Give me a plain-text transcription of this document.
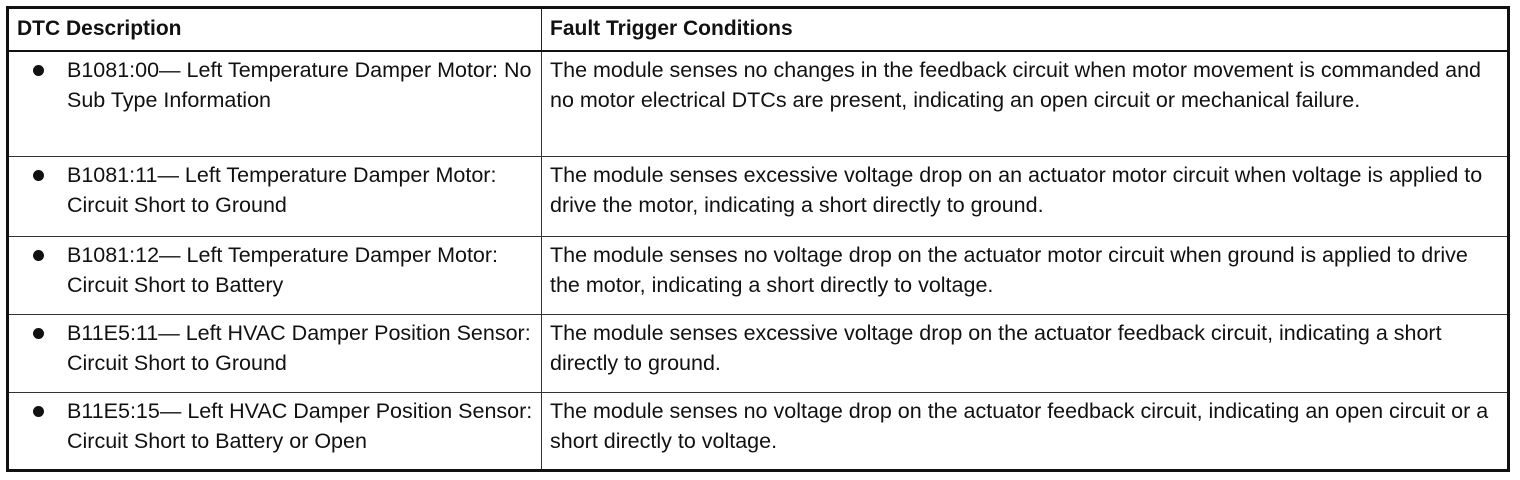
DTC Description	Fault Trigger Conditions

B1081:00— Left Temperature Damper Motor: No Sub Type Information	The module senses no changes in the feedback circuit when motor movement is commanded and no motor electrical DTCs are present, indicating an open circuit or mechanical failure.

B1081:11— Left Temperature Damper Motor: Circuit Short to Ground	The module senses excessive voltage drop on an actuator motor circuit when voltage is applied to drive the motor, indicating a short directly to ground.

B1081:12— Left Temperature Damper Motor: Circuit Short to Battery	The module senses no voltage drop on the actuator motor circuit when ground is applied to drive the motor, indicating a short directly to voltage.

B11E5:11— Left HVAC Damper Position Sensor: Circuit Short to Ground	The module senses excessive voltage drop on the actuator feedback circuit, indicating a short directly to ground.

B11E5:15— Left HVAC Damper Position Sensor: Circuit Short to Battery or Open	The module senses no voltage drop on the actuator feedback circuit, indicating an open circuit or a short directly to voltage.
